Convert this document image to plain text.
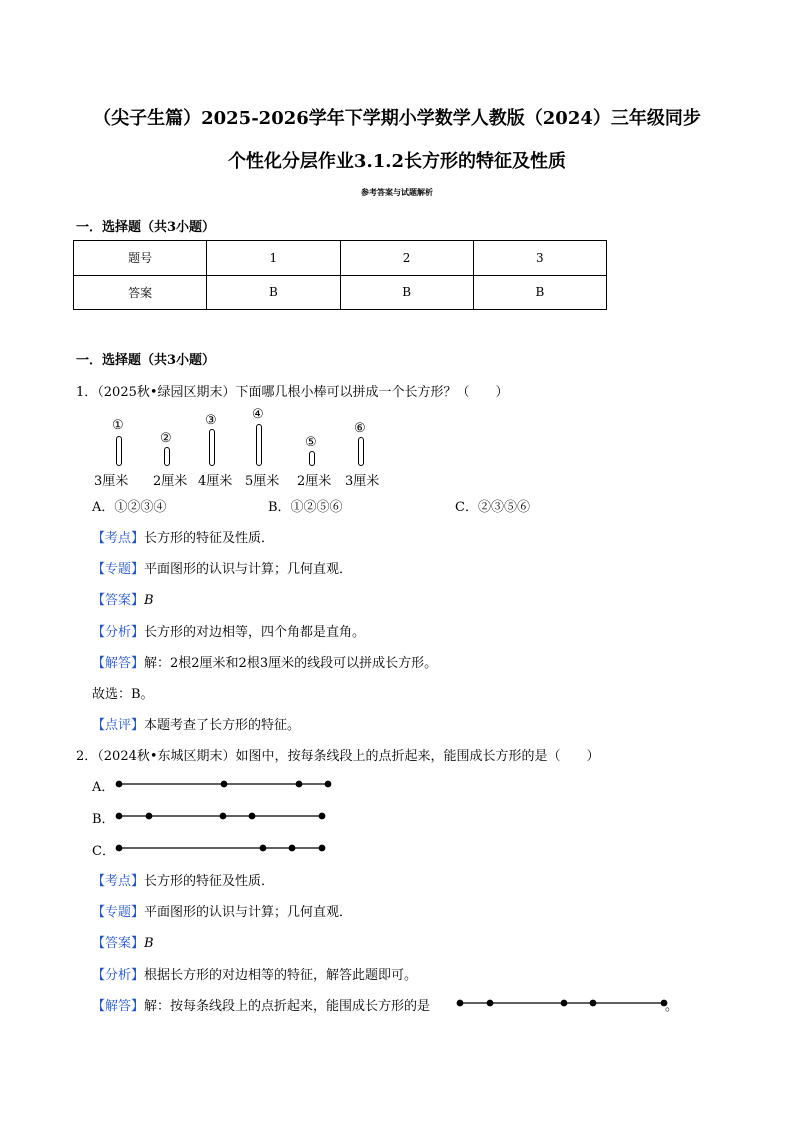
（尖子生篇）2025-2026学年下学期小学数学人教版（2024）三年级同步
个性化分层作业3.1.2长方形的特征及性质
参考答案与试题解析
一．选择题（共3小题）
题号	1	2	3
答案	B	B	B
一．选择题（共3小题）
1．（2025秋•绿园区期末）下面哪几根小棒可以拼成一个长方形？（　　）
①
3厘米
②
2厘米
③
4厘米
④
5厘米
⑤
2厘米
⑥
3厘米
A．①②③④	B．①②⑤⑥	C．②③⑤⑥
【考点】长方形的特征及性质．
【专题】平面图形的认识与计算；几何直观．
【答案】B
【分析】长方形的对边相等，四个角都是直角。
【解答】解：2根2厘米和2根3厘米的线段可以拼成长方形。
故选：B。
【点评】本题考查了长方形的特征。
2．（2024秋•东城区期末）如图中，按每条线段上的点折起来，能围成长方形的是（　　）
A．
B．
C．
【考点】长方形的特征及性质．
【专题】平面图形的认识与计算；几何直观．
【答案】B
【分析】根据长方形的对边相等的特征，解答此题即可。
【解答】解：按每条线段上的点折起来，能围成长方形的是	。
